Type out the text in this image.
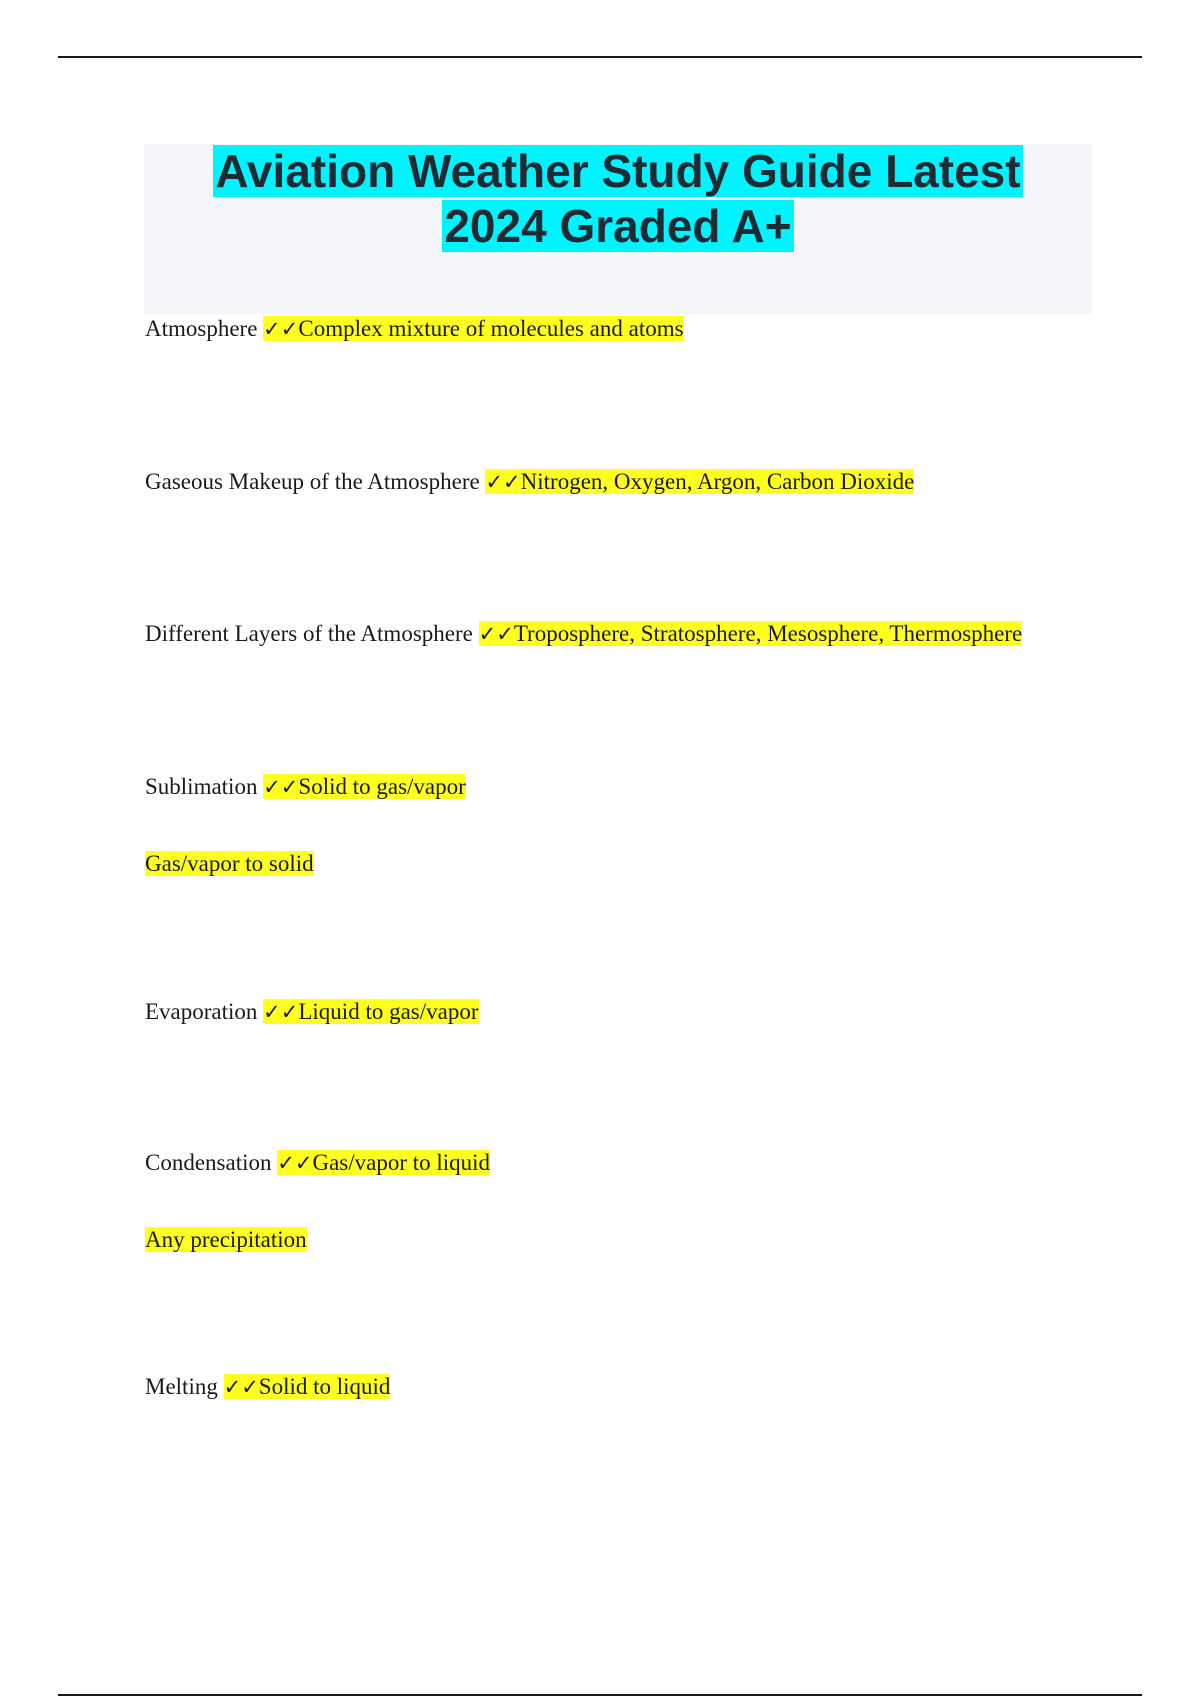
Aviation Weather Study Guide Latest
2024 Graded A+
Atmosphere ✓✓Complex mixture of molecules and atoms
Gaseous Makeup of the Atmosphere ✓✓Nitrogen, Oxygen, Argon, Carbon Dioxide
Different Layers of the Atmosphere ✓✓Troposphere, Stratosphere, Mesosphere, Thermosphere
Sublimation ✓✓Solid to gas/vapor
Gas/vapor to solid
Evaporation ✓✓Liquid to gas/vapor
Condensation ✓✓Gas/vapor to liquid
Any precipitation
Melting ✓✓Solid to liquid
